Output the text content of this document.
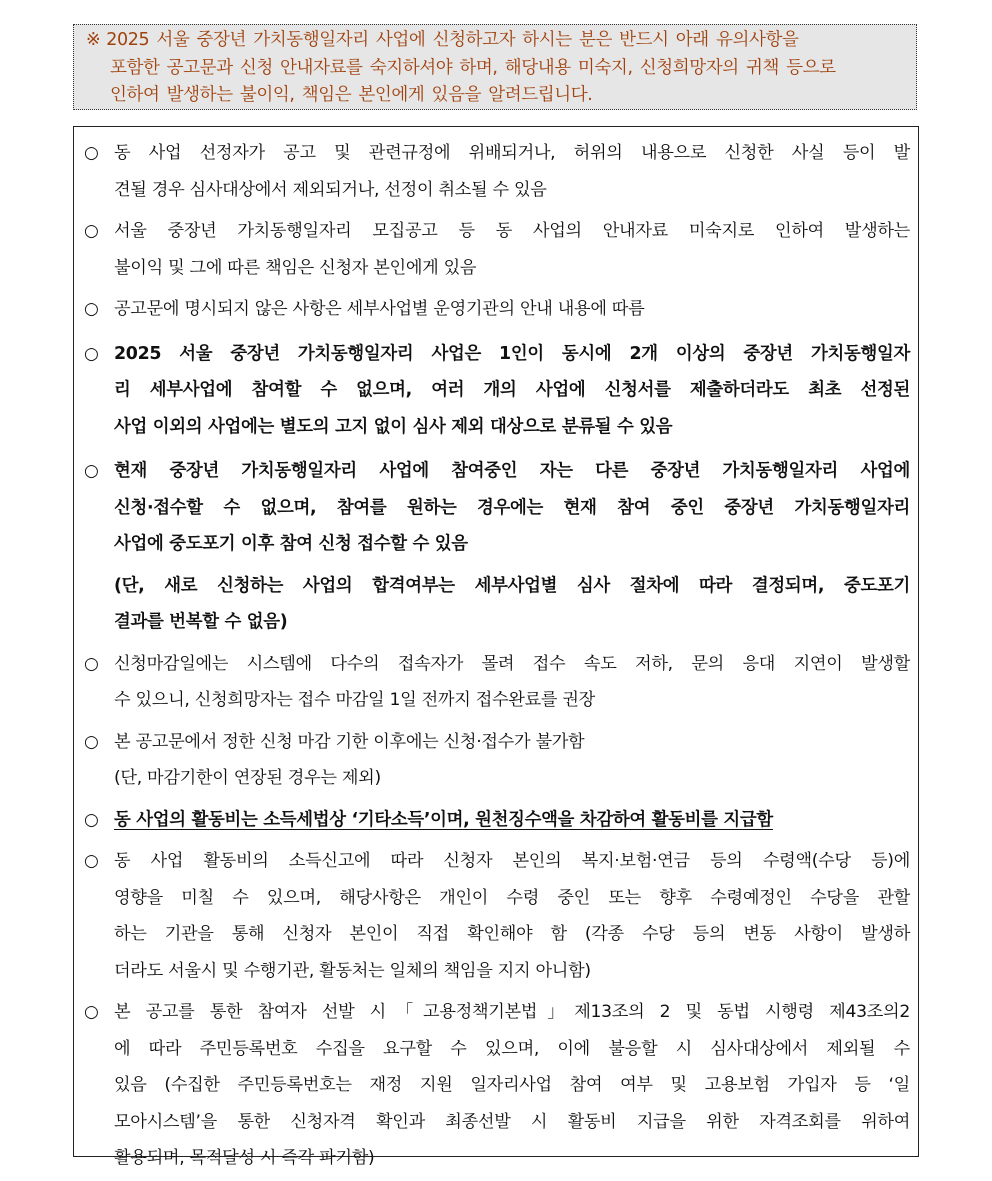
※ 2025 서울 중장년 가치동행일자리 사업에 신청하고자 하시는 분은 반드시 아래 유의사항을
포함한 공고문과 신청 안내자료를 숙지하셔야 하며, 해당내용 미숙지, 신청희망자의 귀책 등으로
인하여 발생하는 불이익, 책임은 본인에게 있음을 알려드립니다.
○ 동 사업 선정자가 공고 및 관련규정에 위배되거나, 허위의 내용으로 신청한 사실 등이 발
견될 경우 심사대상에서 제외되거나, 선정이 취소될 수 있음
○ 서울 중장년 가치동행일자리 모집공고 등 동 사업의 안내자료 미숙지로 인하여 발생하는
불이익 및 그에 따른 책임은 신청자 본인에게 있음
○ 공고문에 명시되지 않은 사항은 세부사업별 운영기관의 안내 내용에 따름
○ 2025 서울 중장년 가치동행일자리 사업은 1인이 동시에 2개 이상의 중장년 가치동행일자
리 세부사업에 참여할 수 없으며, 여러 개의 사업에 신청서를 제출하더라도 최초 선정된
사업 이외의 사업에는 별도의 고지 없이 심사 제외 대상으로 분류될 수 있음
○ 현재 중장년 가치동행일자리 사업에 참여중인 자는 다른 중장년 가치동행일자리 사업에
신청·접수할 수 없으며, 참여를 원하는 경우에는 현재 참여 중인 중장년 가치동행일자리
사업에 중도포기 이후 참여 신청 접수할 수 있음
(단, 새로 신청하는 사업의 합격여부는 세부사업별 심사 절차에 따라 결정되며, 중도포기
결과를 번복할 수 없음)
○ 신청마감일에는 시스템에 다수의 접속자가 몰려 접수 속도 저하, 문의 응대 지연이 발생할
수 있으니, 신청희망자는 접수 마감일 1일 전까지 접수완료를 권장
○ 본 공고문에서 정한 신청 마감 기한 이후에는 신청·접수가 불가함
(단, 마감기한이 연장된 경우는 제외)
○ 동 사업의 활동비는 소득세법상 ‘기타소득’이며, 원천징수액을 차감하여 활동비를 지급함
○ 동 사업 활동비의 소득신고에 따라 신청자 본인의 복지·보험·연금 등의 수령액(수당 등)에
영향을 미칠 수 있으며, 해당사항은 개인이 수령 중인 또는 향후 수령예정인 수당을 관할
하는 기관을 통해 신청자 본인이 직접 확인해야 함 (각종 수당 등의 변동 사항이 발생하
더라도 서울시 및 수행기관, 활동처는 일체의 책임을 지지 아니함)
○ 본 공고를 통한 참여자 선발 시「고용정책기본법」제13조의 2 및 동법 시행령 제43조의2
에 따라 주민등록번호 수집을 요구할 수 있으며, 이에 불응할 시 심사대상에서 제외될 수
있음 (수집한 주민등록번호는 재정 지원 일자리사업 참여 여부 및 고용보험 가입자 등 ‘일
모아시스템’을 통한 신청자격 확인과 최종선발 시 활동비 지급을 위한 자격조회를 위하여
활용되며, 목적달성 시 즉각 파기함)
